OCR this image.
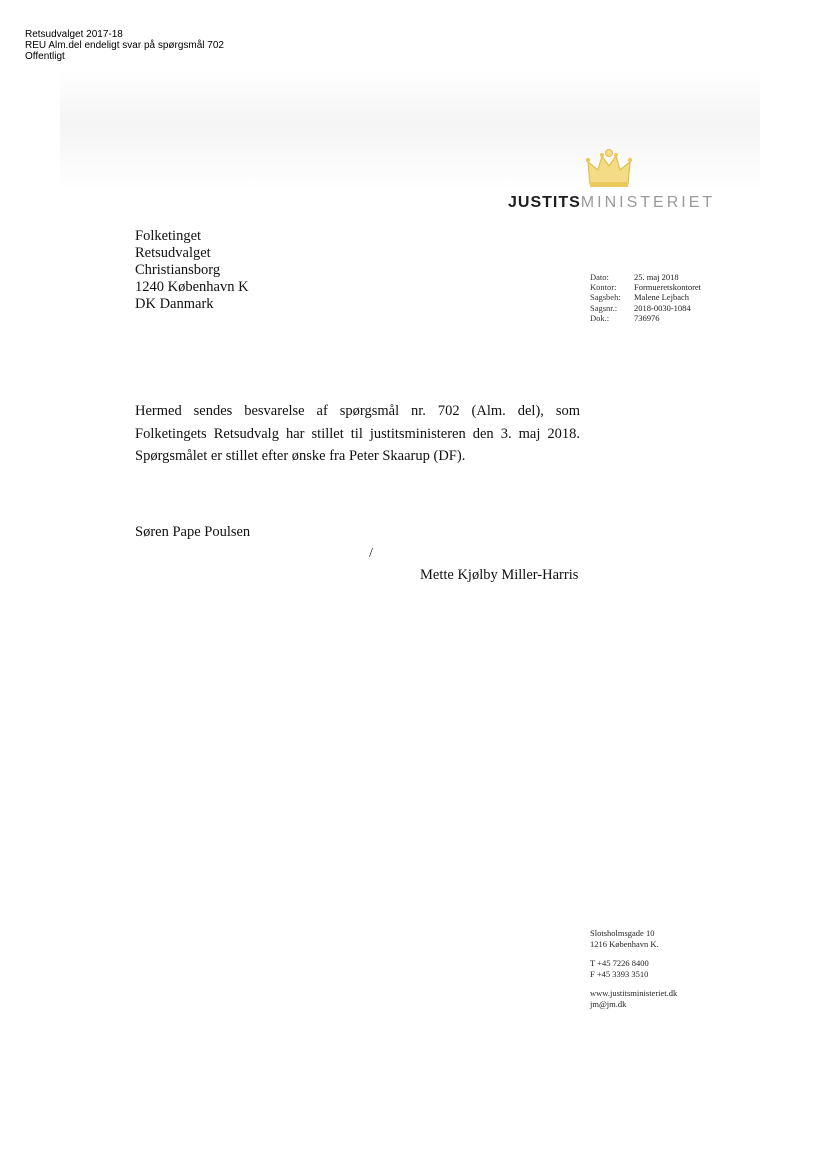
Retsudvalget 2017-18
REU Alm.del endeligt svar på spørgsmål 702
Offentligt
JUSTITSMINISTERIET
Folketinget
Retsudvalget
Christiansborg
1240 København K
DK Danmark
Dato:	25. maj 2018
Kontor:	Formueretskontoret
Sagsbeh:	Malene Lejbach
Sagsnr.:	2018-0030-1084
Dok.:	736976
Hermed sendes besvarelse af spørgsmål nr. 702 (Alm. del), som Folketingets Retsudvalg har stillet til justitsministeren den 3. maj 2018. Spørgsmålet er stillet efter ønske fra Peter Skaarup (DF).
Søren Pape Poulsen
/
Mette Kjølby Miller-Harris
Slotsholmsgade 10
1216 København K.
T +45 7226 8400
F +45 3393 3510
www.justitsministeriet.dk
jm@jm.dk
